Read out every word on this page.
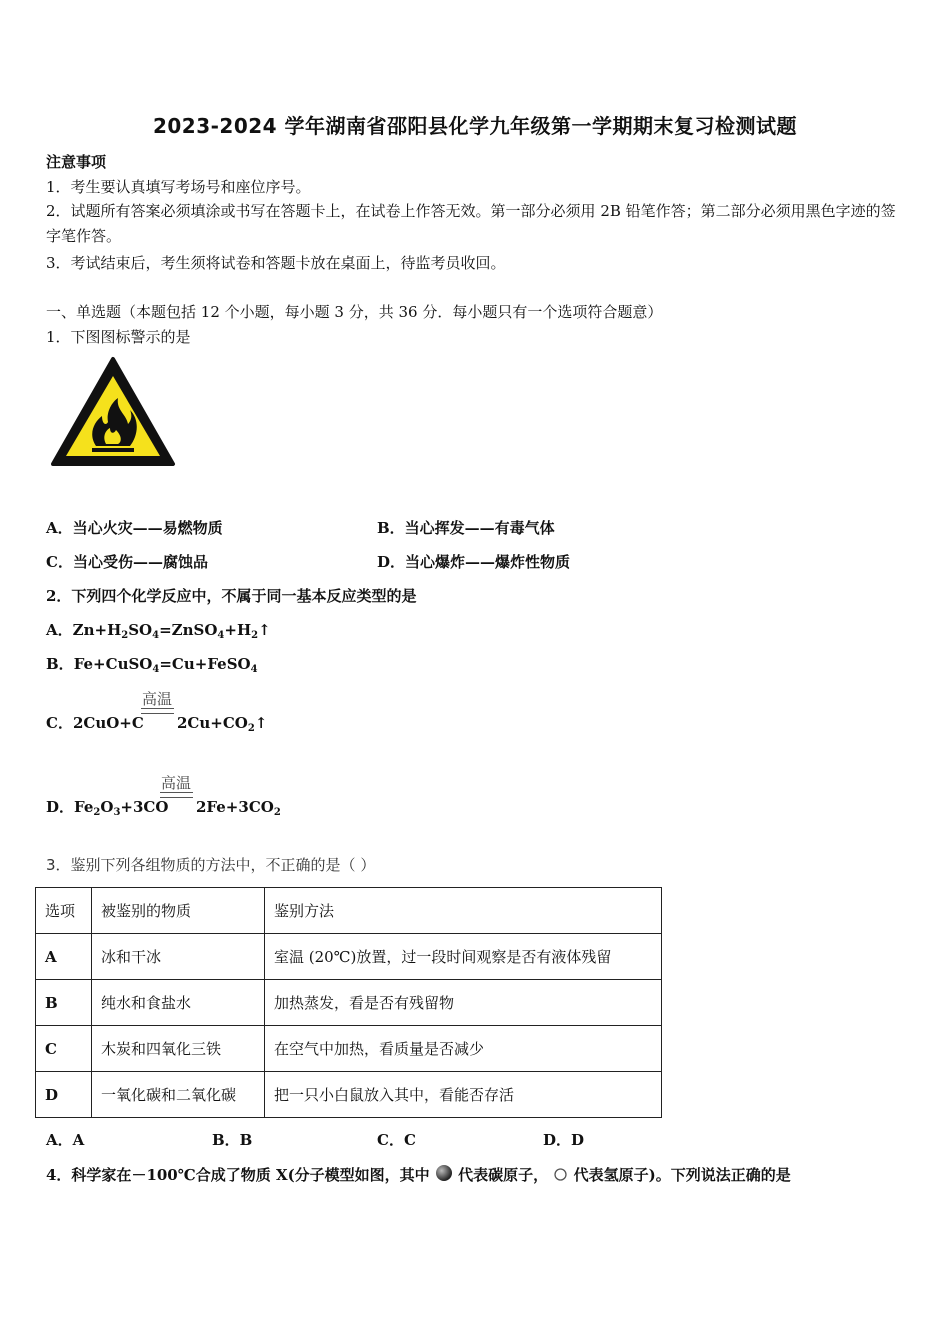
2023-2024 学年湖南省邵阳县化学九年级第一学期期末复习检测试题
注意事项
1．考生要认真填写考场号和座位序号。
2．试题所有答案必须填涂或书写在答题卡上，在试卷上作答无效。第一部分必须用 2B 铅笔作答；第二部分必须用黑色字迹的签字笔作答。
3．考试结束后，考生须将试卷和答题卡放在桌面上，待监考员收回。
一、单选题（本题包括 12 个小题，每小题 3 分，共 36 分．每小题只有一个选项符合题意）
1．下图图标警示的是
A．当心火灾——易燃物质	B．当心挥发——有毒气体
C．当心受伤——腐蚀品	D．当心爆炸——爆炸性物质
2．下列四个化学反应中，不属于同一基本反应类型的是
A．$Zn+H_2SO_4=ZnSO_4+H_2↑$
B．Fe+CuSO$_4$=Cu+FeSO$_4$
高温
C．2CuO+C $2Cu+CO_2↑$
高温
D．$Fe_2O_3+3CO$ $2Fe+3CO_2$
3．鉴别下列各组物质的方法中，不正确的是（ ）
选项	被鉴别的物质	鉴别方法
A	冰和干冰	室温 (20℃)放置，过一段时间观察是否有液体残留
B	纯水和食盐水	加热蒸发，看是否有残留物
C	木炭和四氧化三铁	在空气中加热，看质量是否减少
D	一氧化碳和二氧化碳	把一只小白鼠放入其中，看能否存活
A．A	B．B	C．C	D．D
4．科学家在－100℃合成了物质 X(分子模型如图，其中 代表碳原子， 代表氢原子)。下列说法正确的是
